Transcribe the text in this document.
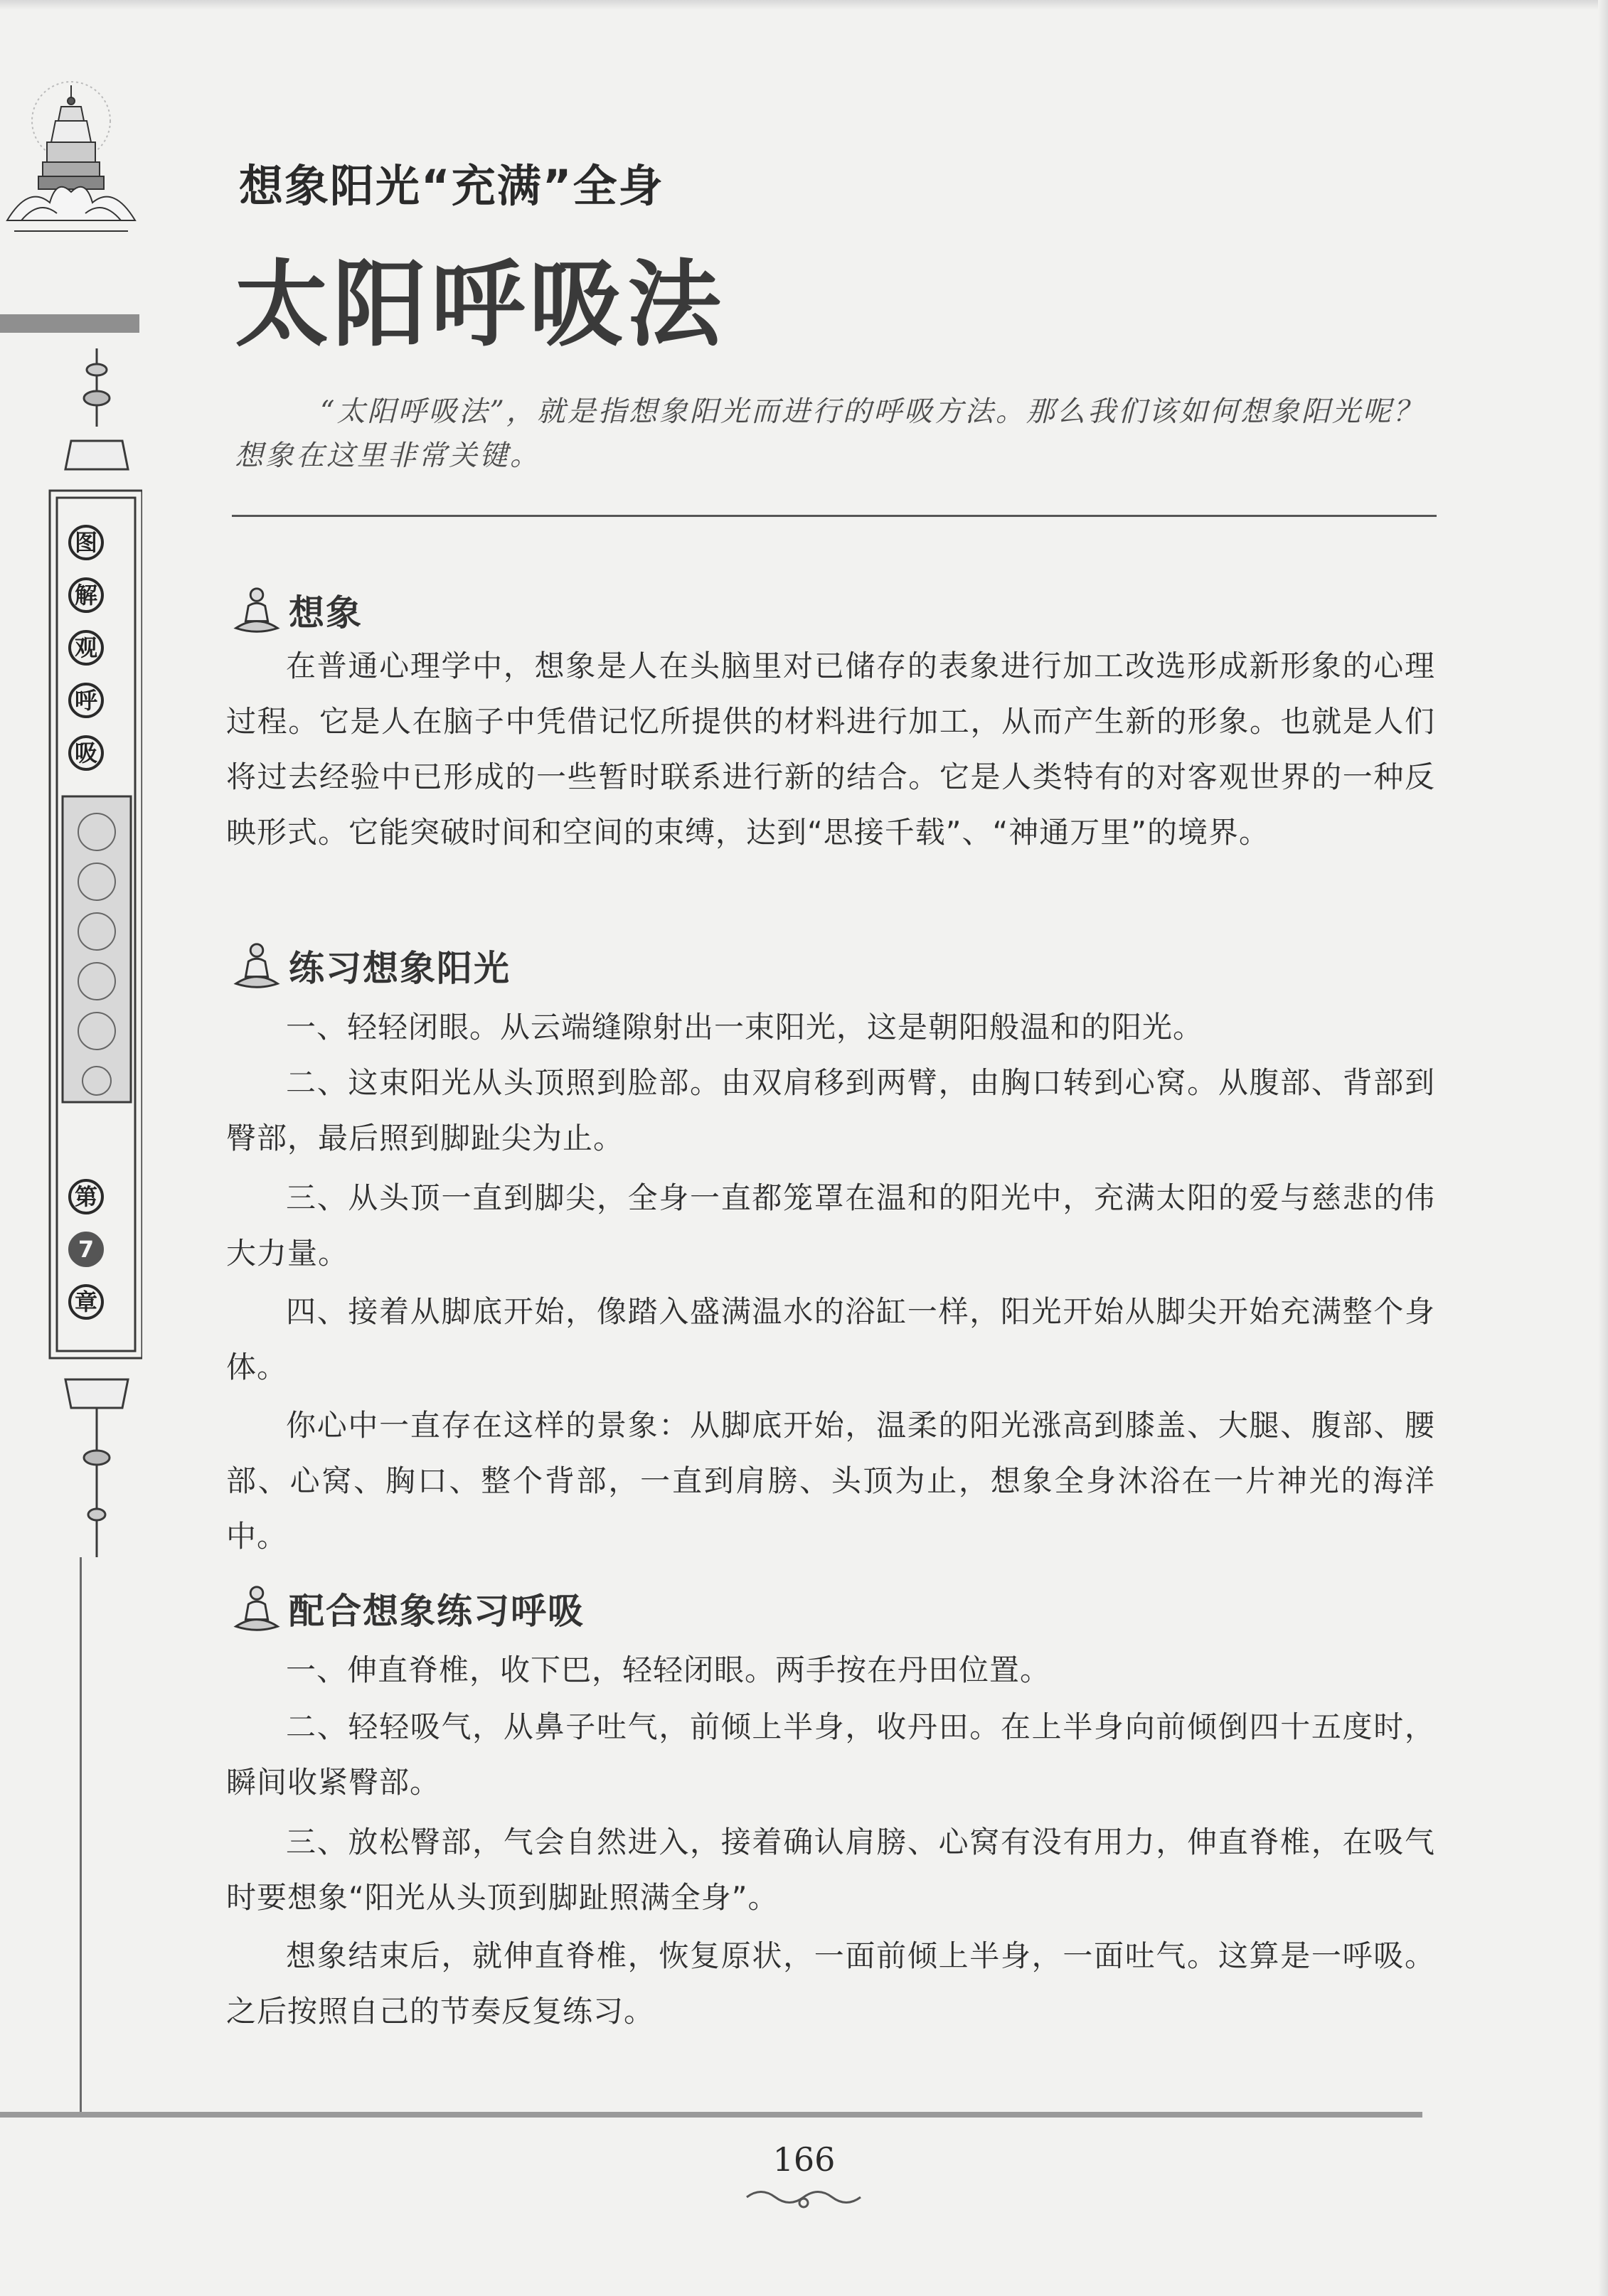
图
解
观
呼
吸
第
7
章
想象阳光“充满”全身
太阳呼吸法
“太阳呼吸法”，就是指想象阳光而进行的呼吸方法。那么我们该如何想象阳光呢？想象在这里非常关键。
想象
在普通心理学中，想象是人在头脑里对已储存的表象进行加工改选形成新形象的心理过程。它是人在脑子中凭借记忆所提供的材料进行加工，从而产生新的形象。也就是人们将过去经验中已形成的一些暂时联系进行新的结合。它是人类特有的对客观世界的一种反映形式。它能突破时间和空间的束缚，达到“思接千载”、“神通万里”的境界。
练习想象阳光
一、轻轻闭眼。从云端缝隙射出一束阳光，这是朝阳般温和的阳光。
二、这束阳光从头顶照到脸部。由双肩移到两臂，由胸口转到心窝。从腹部、背部到臀部，最后照到脚趾尖为止。
三、从头顶一直到脚尖，全身一直都笼罩在温和的阳光中，充满太阳的爱与慈悲的伟大力量。
四、接着从脚底开始，像踏入盛满温水的浴缸一样，阳光开始从脚尖开始充满整个身体。
你心中一直存在这样的景象：从脚底开始，温柔的阳光涨高到膝盖、大腿、腹部、腰部、心窝、胸口、整个背部，一直到肩膀、头顶为止，想象全身沐浴在一片神光的海洋中。
配合想象练习呼吸
一、伸直脊椎，收下巴，轻轻闭眼。两手按在丹田位置。
二、轻轻吸气，从鼻子吐气，前倾上半身，收丹田。在上半身向前倾倒四十五度时，瞬间收紧臀部。
三、放松臀部，气会自然进入，接着确认肩膀、心窝有没有用力，伸直脊椎，在吸气时要想象“阳光从头顶到脚趾照满全身”。
想象结束后，就伸直脊椎，恢复原状，一面前倾上半身，一面吐气。这算是一呼吸。之后按照自己的节奏反复练习。
166
